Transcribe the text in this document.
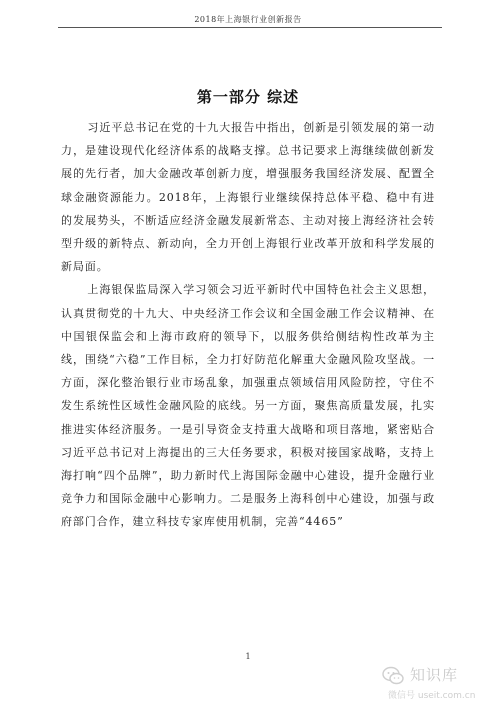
2018年上海银行业创新报告
第一部分 综述

习近平总书记在党的十九大报告中指出，创新是引领发展的第一动力，是建设现代化经济体系的战略支撑。总书记要求上海继续做创新发展的先行者，加大金融改革创新力度，增强服务我国经济发展、配置全球金融资源能力。2018年，上海银行业继续保持总体平稳、稳中有进的发展势头，不断适应经济金融发展新常态、主动对接上海经济社会转型升级的新特点、新动向，全力开创上海银行业改革开放和科学发展的新局面。

上海银保监局深入学习领会习近平新时代中国特色社会主义思想，认真贯彻党的十九大、中央经济工作会议和全国金融工作会议精神、在中国银保监会和上海市政府的领导下，以服务供给侧结构性改革为主线，围绕“六稳”工作目标，全力打好防范化解重大金融风险攻坚战。一方面，深化整治银行业市场乱象，加强重点领域信用风险防控，守住不发生系统性区域性金融风险的底线。另一方面，聚焦高质量发展，扎实推进实体经济服务。一是引导资金支持重大战略和项目落地，紧密贴合习近平总书记对上海提出的三大任务要求，积极对接国家战略，支持上海打响“四个品牌”，助力新时代上海国际金融中心建设，提升金融行业竞争力和国际金融中心影响力。二是服务上海科创中心建设，加强与政府部门合作，建立科技专家库使用机制，完善“4465”

1
知识库
微信号 useit.com.cn
